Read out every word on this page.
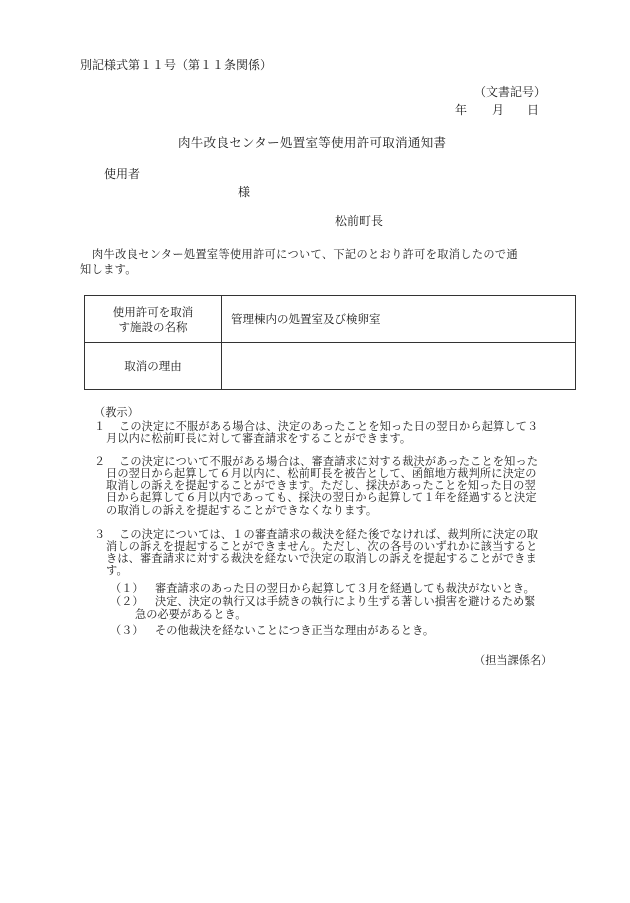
別記様式第１１号（第１１条関係）
（文書記号）
年 月 日
肉牛改良センター処置室等使用許可取消通知書
使用者
様
松前町長
肉牛改良センター処置室等使用許可について、下記のとおり許可を取消したので通
知します。
使用許可を取消
す施設の名称
管理棟内の処置室及び検卵室
取消の理由
（教示）
１ この決定に不服がある場合は、決定のあったことを知った日の翌日から起算して３
月以内に松前町長に対して審査請求をすることができます。
２ この決定について不服がある場合は、審査請求に対する裁決があったことを知った
日の翌日から起算して６月以内に、松前町長を被告として、函館地方裁判所に決定の
取消しの訴えを提起することができます。ただし、採決があったことを知った日の翌
日から起算して６月以内であっても、採決の翌日から起算して１年を経過すると決定
の取消しの訴えを提起することができなくなります。
３ この決定については、１の審査請求の裁決を経た後でなければ、裁判所に決定の取
消しの訴えを提起することができません。ただし、次の各号のいずれかに該当すると
きは、審査請求に対する裁決を経ないで決定の取消しの訴えを提起することができま
す。
（１） 審査請求のあった日の翌日から起算して３月を経過しても裁決がないとき。
（２） 決定、決定の執行又は手続きの執行により生ずる著しい損害を避けるため緊
急の必要があるとき。
（３） その他裁決を経ないことにつき正当な理由があるとき。
（担当課係名）
